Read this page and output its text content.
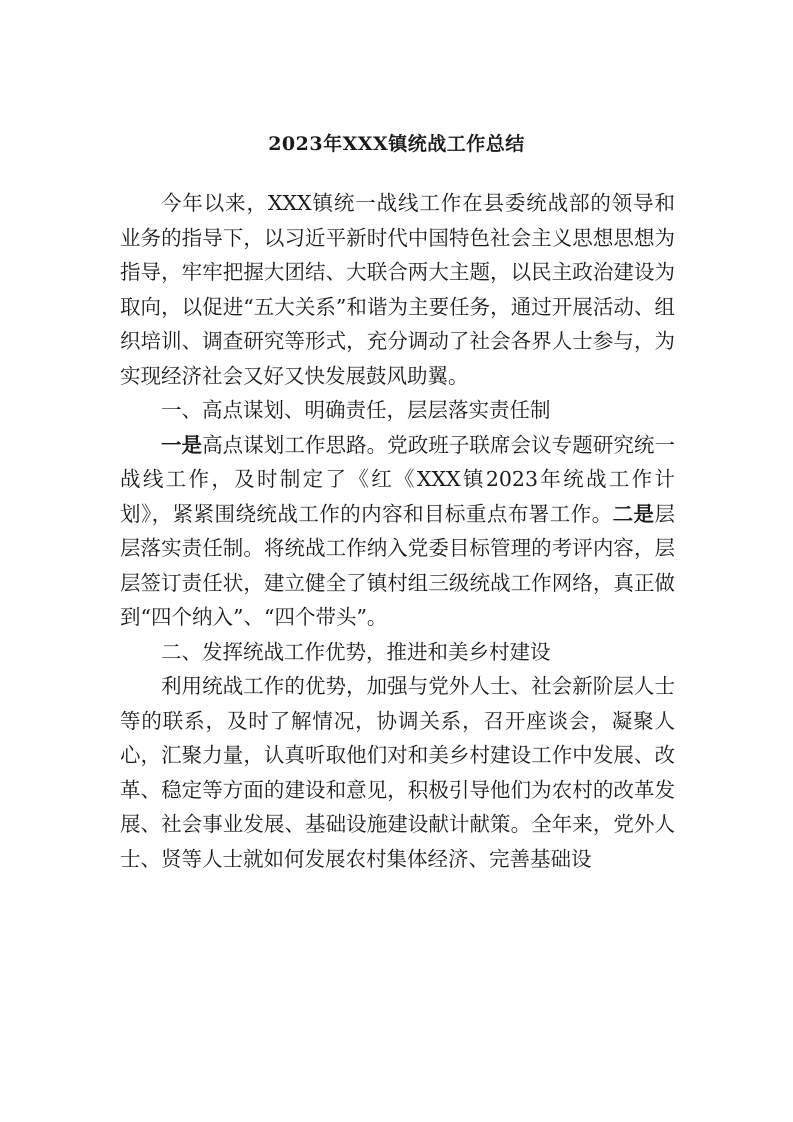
2023年XXX镇统战工作总结

今年以来，XXX镇统一战线工作在县委统战部的领导和业务的指导下，以习近平新时代中国特色社会主义思想思想为指导，牢牢把握大团结、大联合两大主题，以民主政治建设为取向，以促进“五大关系”和谐为主要任务，通过开展活动、组织培训、调查研究等形式，充分调动了社会各界人士参与，为实现经济社会又好又快发展鼓风助翼。

一、高点谋划、明确责任，层层落实责任制

一是高点谋划工作思路。党政班子联席会议专题研究统一战线工作，及时制定了《红《XXX镇2023年统战工作计划》，紧紧围绕统战工作的内容和目标重点布署工作。二是层层落实责任制。将统战工作纳入党委目标管理的考评内容，层层签订责任状，建立健全了镇村组三级统战工作网络，真正做到“四个纳入”、“四个带头”。

二、发挥统战工作优势，推进和美乡村建设

利用统战工作的优势，加强与党外人士、社会新阶层人士等的联系，及时了解情况，协调关系，召开座谈会，凝聚人心，汇聚力量，认真听取他们对和美乡村建设工作中发展、改革、稳定等方面的建设和意见，积极引导他们为农村的改革发展、社会事业发展、基础设施建设献计献策。全年来，党外人士、贤等人士就如何发展农村集体经济、完善基础设
